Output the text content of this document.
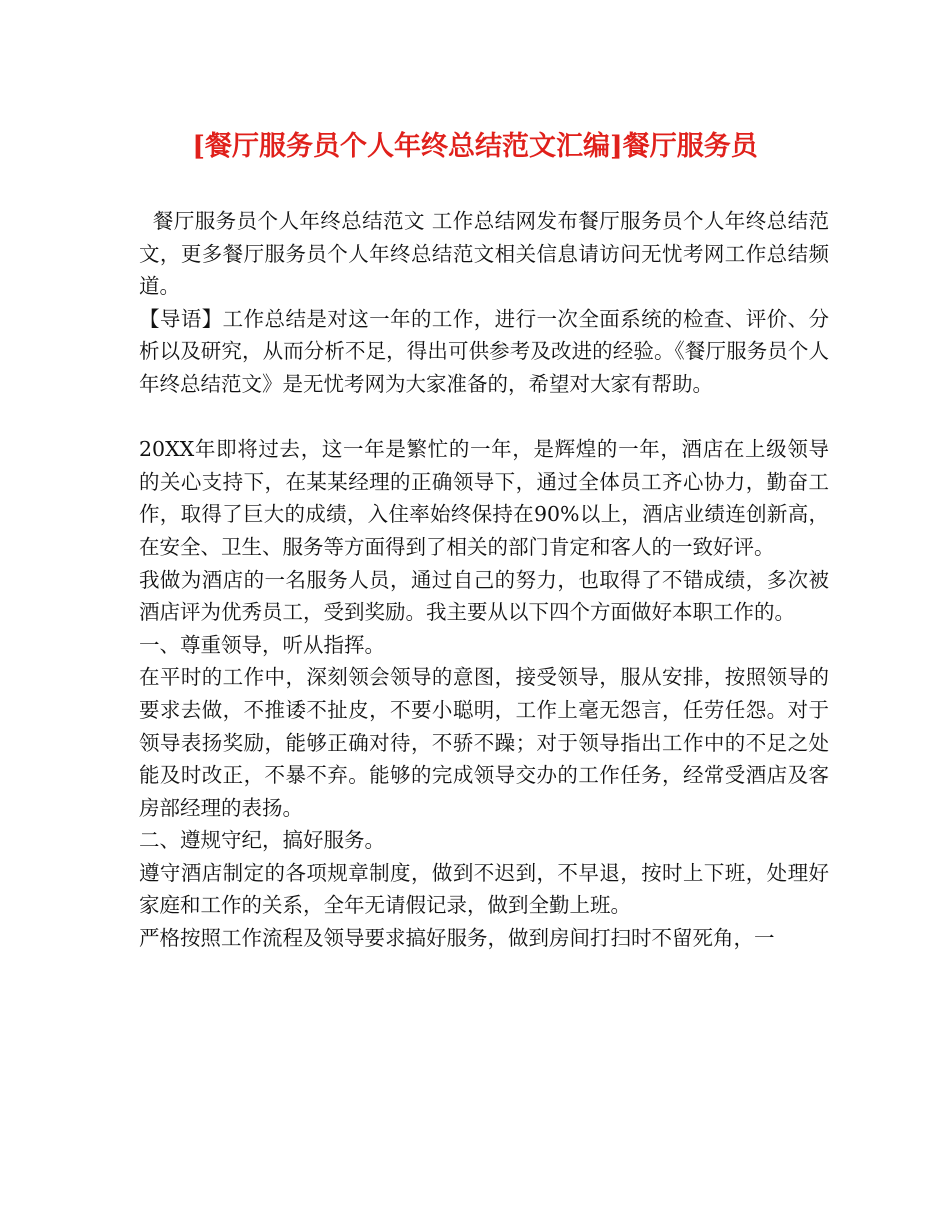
[餐厅服务员个人年终总结范文汇编]餐厅服务员

餐厅服务员个人年终总结范文 工作总结网发布餐厅服务员个人年终总结范文，更多餐厅服务员个人年终总结范文相关信息请访问无忧考网工作总结频道。

【导语】工作总结是对这一年的工作，进行一次全面系统的检查、评价、分析以及研究，从而分析不足，得出可供参考及改进的经验。《餐厅服务员个人年终总结范文》是无忧考网为大家准备的，希望对大家有帮助。

20XX年即将过去，这一年是繁忙的一年，是辉煌的一年，酒店在上级领导的关心支持下，在某某经理的正确领导下，通过全体员工齐心协力，勤奋工作，取得了巨大的成绩，入住率始终保持在90%以上，酒店业绩连创新高，在安全、卫生、服务等方面得到了相关的部门肯定和客人的一致好评。

我做为酒店的一名服务人员，通过自己的努力，也取得了不错成绩，多次被酒店评为优秀员工，受到奖励。我主要从以下四个方面做好本职工作的。

一、尊重领导，听从指挥。

在平时的工作中，深刻领会领导的意图，接受领导，服从安排，按照领导的要求去做，不推诿不扯皮，不要小聪明，工作上毫无怨言，任劳任怨。对于领导表扬奖励，能够正确对待，不骄不躁；对于领导指出工作中的不足之处能及时改正，不暴不弃。能够的完成领导交办的工作任务，经常受酒店及客房部经理的表扬。

二、遵规守纪，搞好服务。

遵守酒店制定的各项规章制度，做到不迟到，不早退，按时上下班，处理好家庭和工作的关系，全年无请假记录，做到全勤上班。

严格按照工作流程及领导要求搞好服务，做到房间打扫时不留死角，一
